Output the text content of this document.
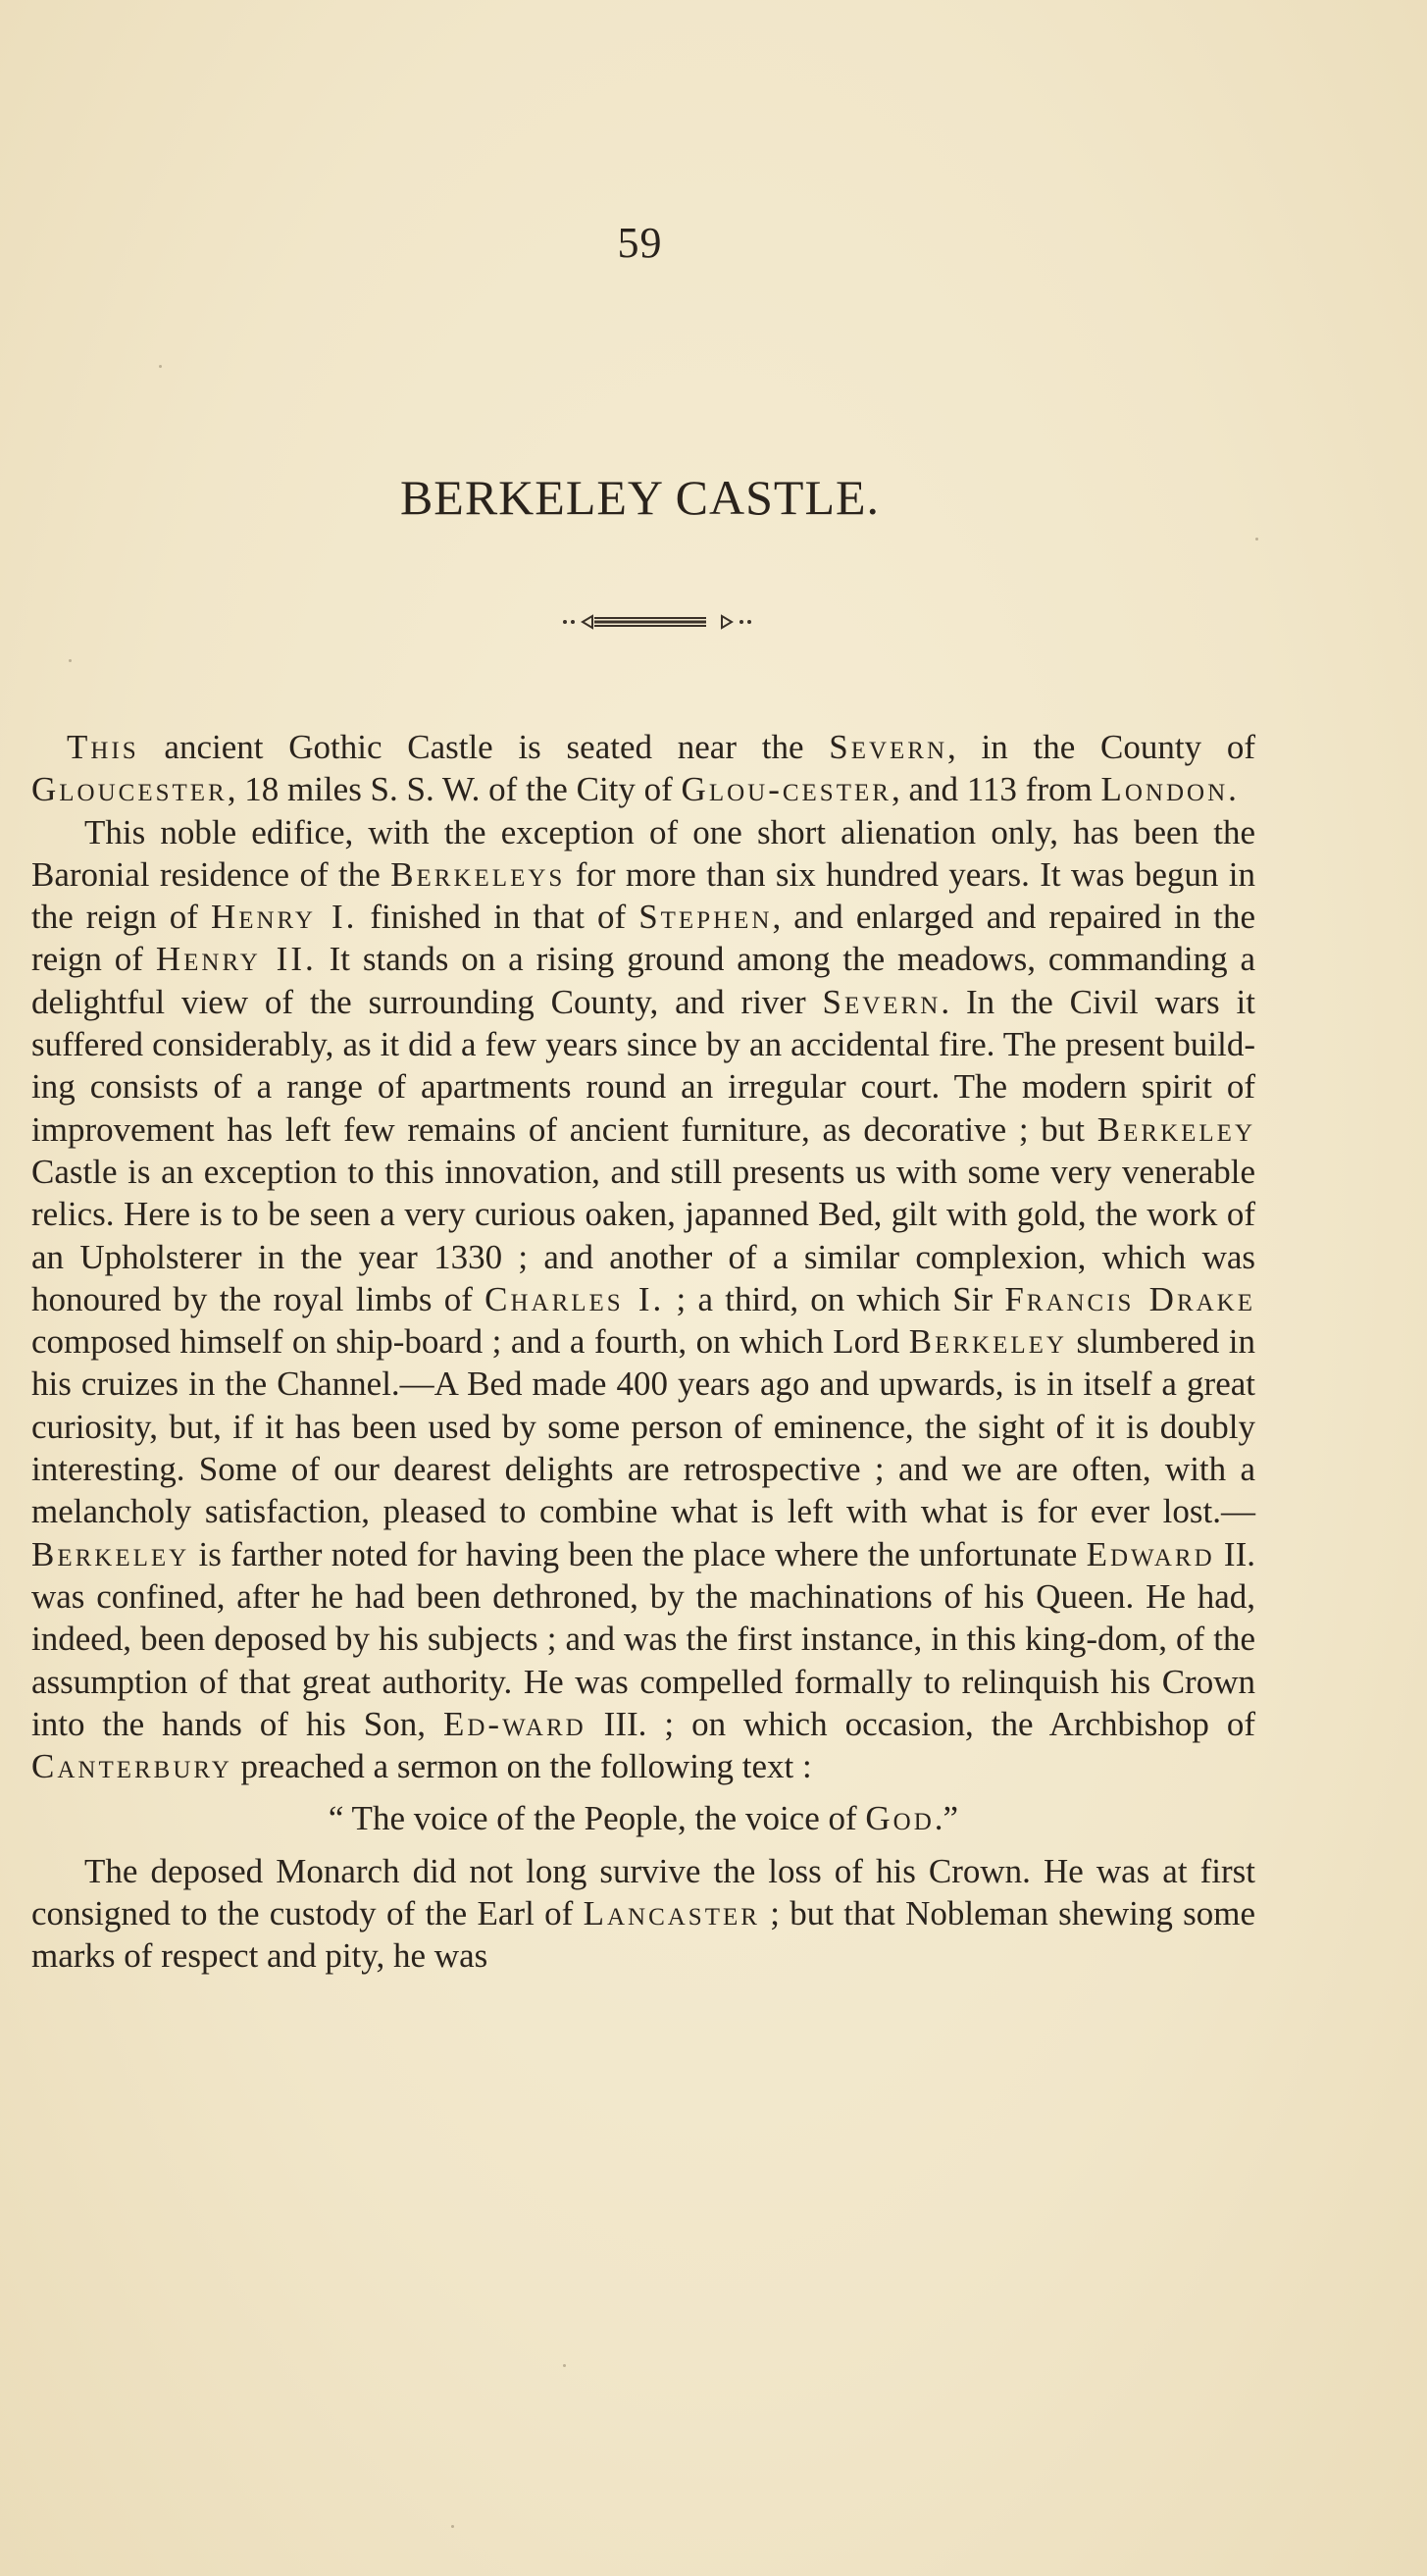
59
BERKELEY CASTLE.

This ancient Gothic Castle is seated near the Severn, in the County of Gloucester, 18 miles S. S. W. of the City of Glou-cester, and 113 from London.

This noble edifice, with the exception of one short alienation only, has been the Baronial residence of the Berkeleys for more than six hundred years. It was begun in the reign of Henry I. finished in that of Stephen, and enlarged and repaired in the reign of Henry II. It stands on a rising ground among the meadows, commanding a delightful view of the surrounding County, and river Severn. In the Civil wars it suffered considerably, as it did a few years since by an accidental fire. The present build-ing consists of a range of apartments round an irregular court. The modern spirit of improvement has left few remains of ancient furniture, as decorative ; but Berkeley Castle is an exception to this innovation, and still presents us with some very venerable relics. Here is to be seen a very curious oaken, japanned Bed, gilt with gold, the work of an Upholsterer in the year 1330 ; and another of a similar complexion, which was honoured by the royal limbs of Charles I. ; a third, on which Sir Francis Drake composed himself on ship-board ; and a fourth, on which Lord Berkeley slumbered in his cruizes in the Channel.—A Bed made 400 years ago and upwards, is in itself a great curiosity, but, if it has been used by some person of eminence, the sight of it is doubly interesting. Some of our dearest delights are retrospective ; and we are often, with a melancholy satisfaction, pleased to combine what is left with what is for ever lost.—Berkeley is farther noted for having been the place where the unfortunate Edward II. was confined, after he had been dethroned, by the machinations of his Queen. He had, indeed, been deposed by his subjects ; and was the first instance, in this king-dom, of the assumption of that great authority. He was compelled formally to relinquish his Crown into the hands of his Son, Ed-ward III. ; on which occasion, the Archbishop of Canterbury preached a sermon on the following text :

“ The voice of the People, the voice of God.”

The deposed Monarch did not long survive the loss of his Crown. He was at first consigned to the custody of the Earl of Lancaster ; but that Nobleman shewing some marks of respect and pity, he was
